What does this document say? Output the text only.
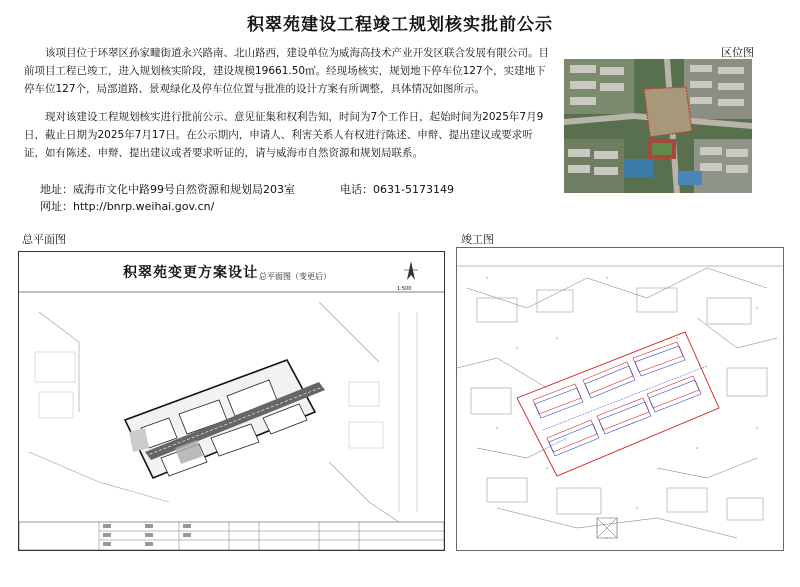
积翠苑建设工程竣工规划核实批前公示
该项目位于环翠区孙家疃街道永兴路南、北山路西，建设单位为威海高技术产业开发区联合发展有限公司。目前项目工程已竣工，进入规划核实阶段，建设规模19661.50㎡。经现场核实，规划地下停车位127个，实建地下停车位127个，局部道路、景观绿化及停车位位置与批准的设计方案有所调整，具体情况如图所示。
现对该建设工程规划核实进行批前公示、意见征集和权利告知，时间为7个工作日，起始时间为2025年7月9日，截止日期为2025年7月17日。在公示期内，申请人、利害关系人有权进行陈述、申辩、提出建议或要求听证，如有陈述、申辩、提出建议或者要求听证的，请与威海市自然资源和规划局联系。
地址：威海市文化中路99号自然资源和规划局203室
网址：http://bnrp.weihai.gov.cn/
电话：0631-5173149
区位图
总平面图	竣工图
积翠苑变更方案设计 总平面图（变更后）
1:500
